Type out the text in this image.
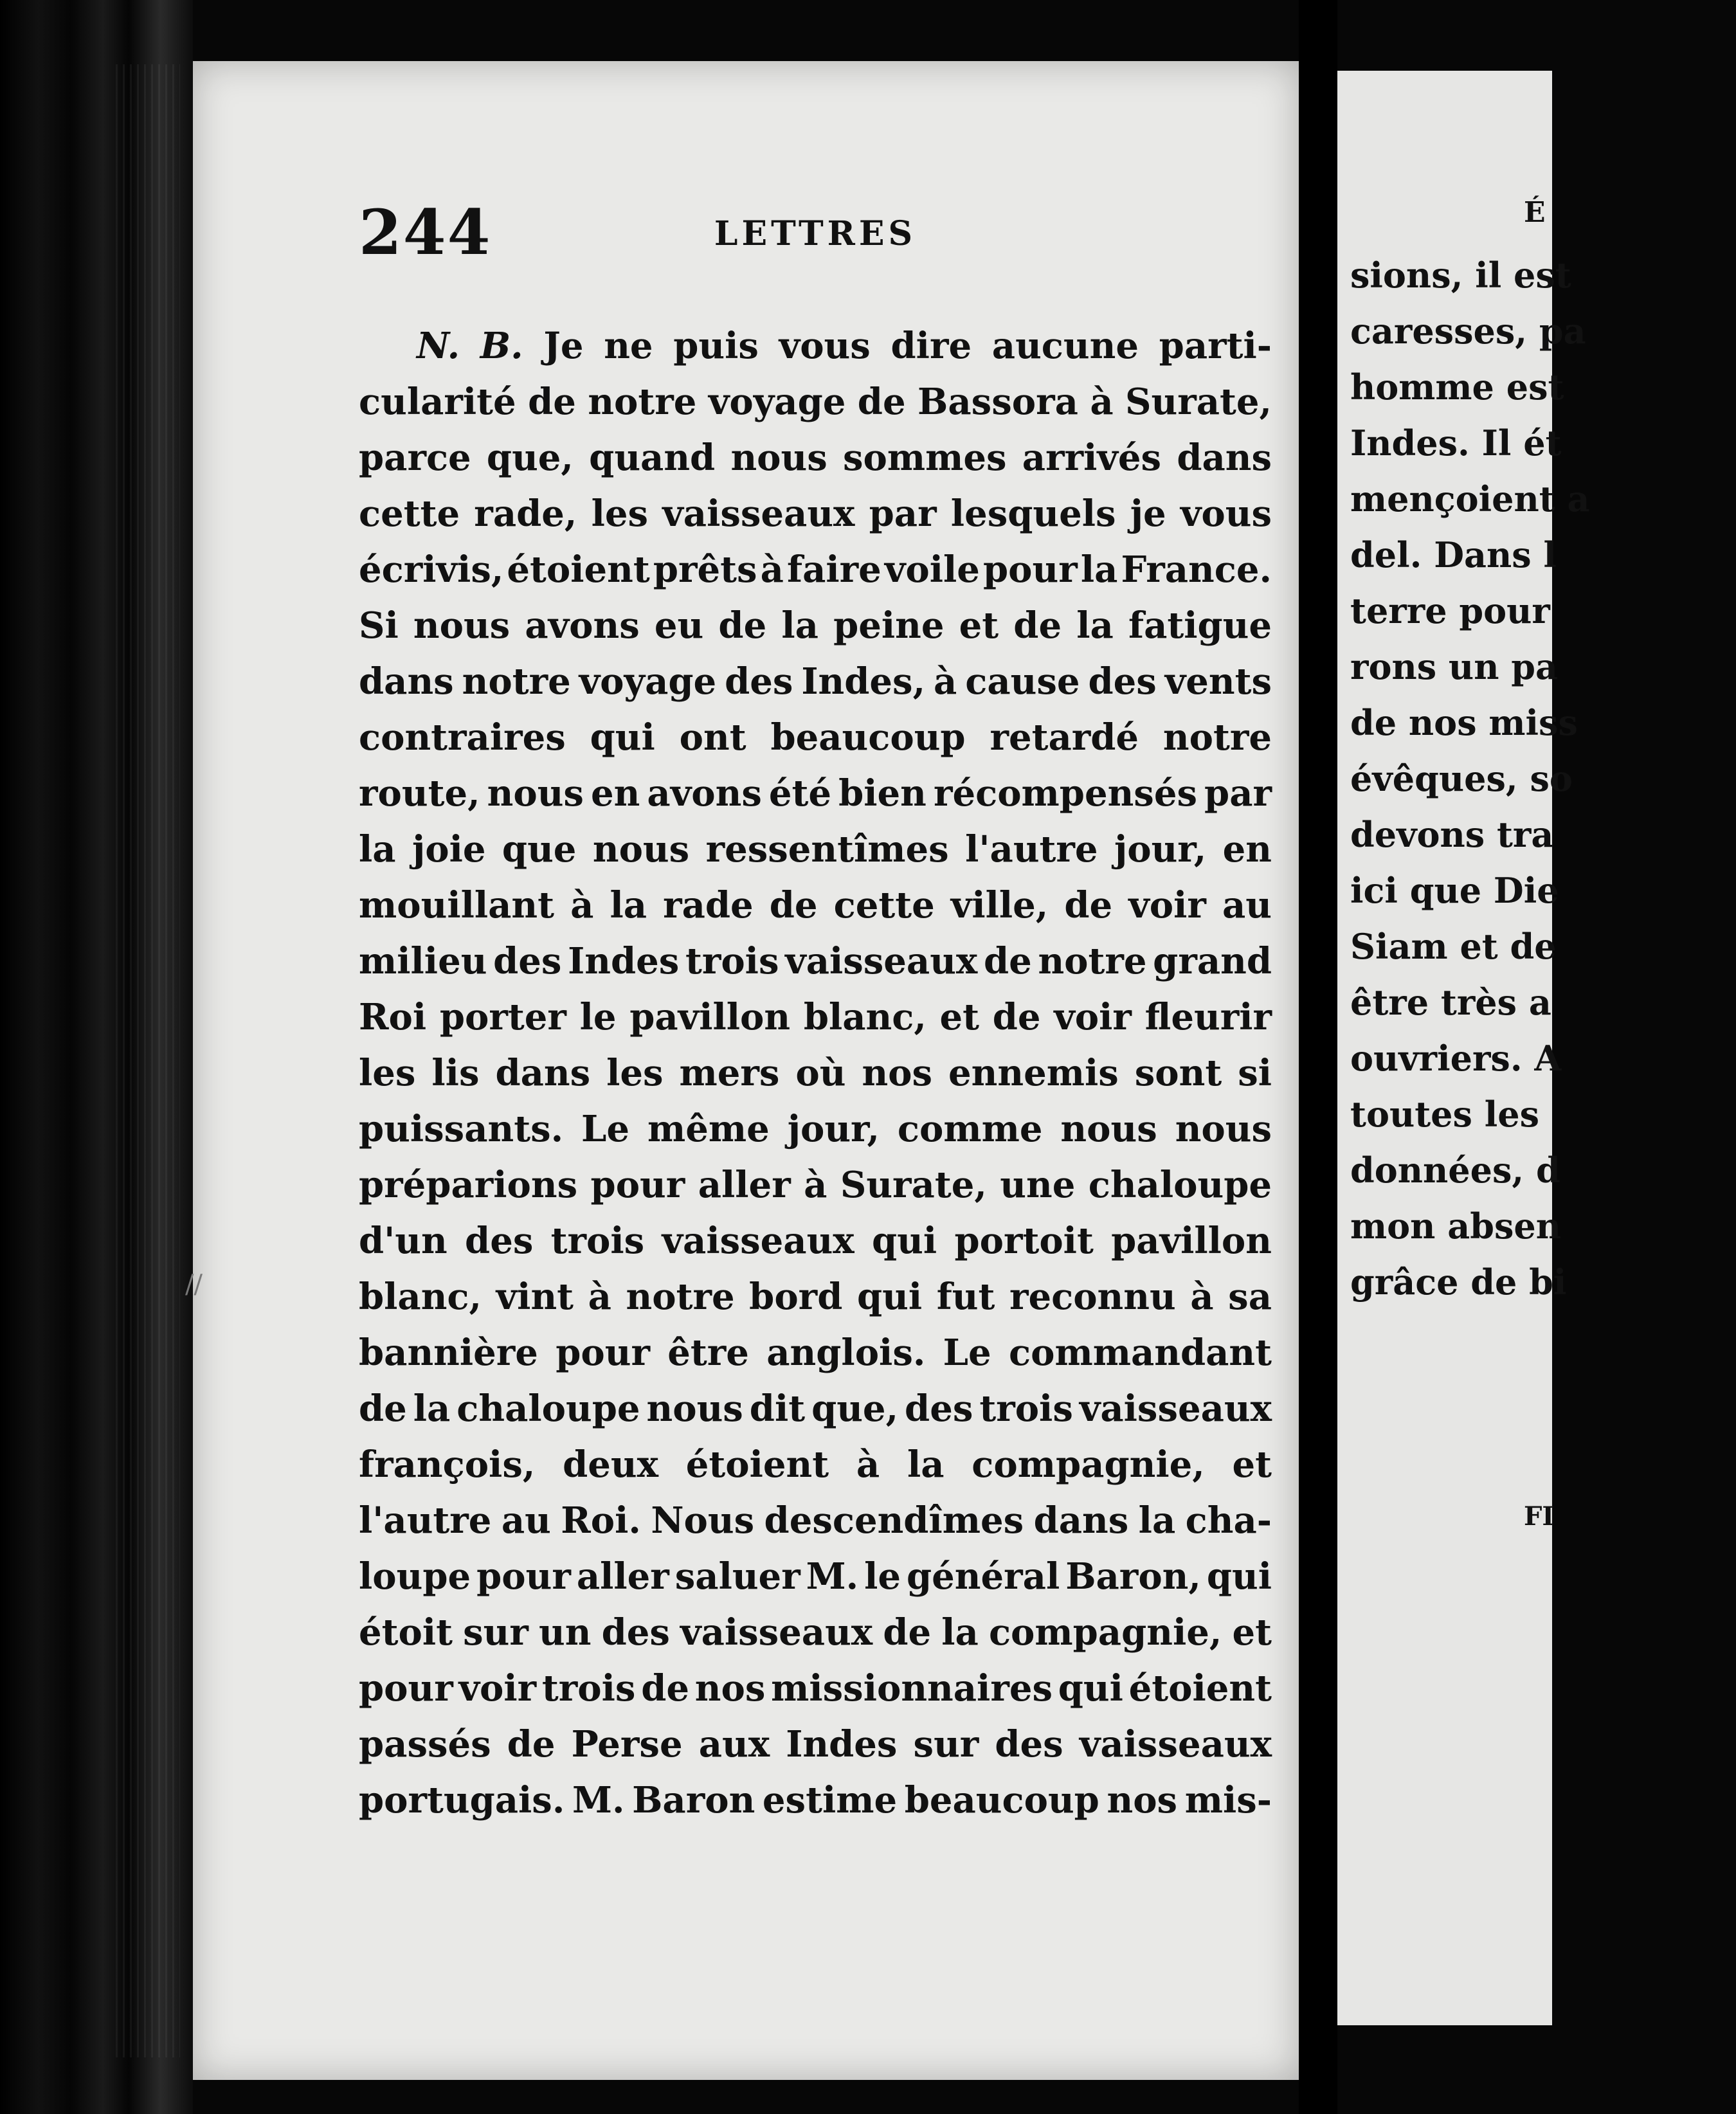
244	LETTRES
N. B. Je ne puis vous dire aucune parti-
cularité de notre voyage de Bassora à Surate,
parce que, quand nous sommes arrivés dans
cette rade, les vaisseaux par lesquels je vous
écrivis, étoient prêts à faire voile pour la France.
Si nous avons eu de la peine et de la fatigue
dans notre voyage des Indes, à cause des vents
contraires qui ont beaucoup retardé notre
route, nous en avons été bien récompensés par
la joie que nous ressentîmes l'autre jour, en
mouillant à la rade de cette ville, de voir au
milieu des Indes trois vaisseaux de notre grand
Roi porter le pavillon blanc, et de voir fleurir
les lis dans les mers où nos ennemis sont si
puissants. Le même jour, comme nous nous
préparions pour aller à Surate, une chaloupe
d'un des trois vaisseaux qui portoit pavillon
blanc, vint à notre bord qui fut reconnu à sa
bannière pour être anglois. Le commandant
de la chaloupe nous dit que, des trois vaisseaux
françois, deux étoient à la compagnie, et
l'autre au Roi. Nous descendîmes dans la cha-
loupe pour aller saluer M. le général Baron, qui
étoit sur un des vaisseaux de la compagnie, et
pour voir trois de nos missionnaires qui étoient
passés de Perse aux Indes sur des vaisseaux
portugais. M. Baron estime beaucoup nos mis-
//
É
sions, il est
caresses, pa
homme est
Indes. Il ét
mençoient a
del. Dans l
terre pour
rons un pa
de nos miss
évêques, so
devons tra
ici que Die
Siam et de
être très a
ouvriers. A
toutes les
données, d
mon absen
grâce de bi
FI
